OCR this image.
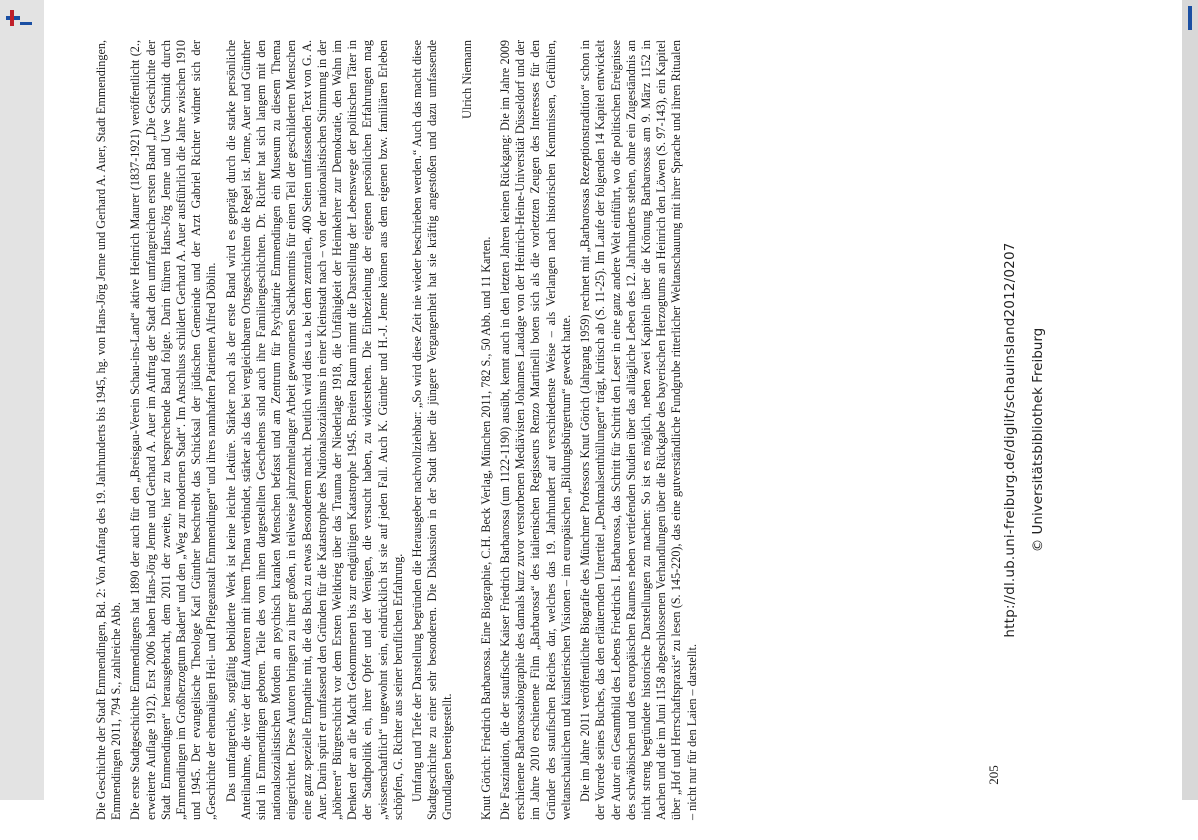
Die Geschichte der Stadt Emmendingen, Bd. 2: Von Anfang des 19. Jahrhunderts bis 1945, hg. von Hans-Jörg Jenne und Gerhard A. Auer, Stadt Emmendingen, Emmendingen 2011, 794 S., zahlreiche Abb. Die erste Stadtgeschichte Emmendingens hat 1890 der auch für den „Breisgau-Verein Schau-ins-Land“ aktive Heinrich Maurer (1837-1921) veröffentlicht (2., erweiterte Auflage 1912). Erst 2006 haben Hans-Jörg Jenne und Gerhard A. Auer im Auftrag der Stadt den umfangreichen ersten Band „Die Geschichte der Stadt Emmendingen“ herausgebracht, dem 2011 der zweite, hier zu besprechende Band folgte. Darin führen Hans-Jörg Jenne und Uwe Schmidt durch „Emmendingen im Großherzogtum Baden“ und den „Weg zur modernen Stadt“. Im Anschluss schildert Gerhard A. Auer ausführlich die Jahre zwischen 1910 und 1945. Der evangelische Theologe Karl Günther beschreibt das Schicksal der jüdischen Gemeinde und der Arzt Gabriel Richter widmet sich der „Geschichte der ehemaligen Heil- und Pflegeanstalt Emmendingen“ und ihres namhaften Patienten Alfred Döblin. Das umfangreiche, sorgfältig bebilderte Werk ist keine leichte Lektüre. Stärker noch als der erste Band wird es geprägt durch die starke persönliche Anteilnahme, die vier der fünf Autoren mit ihrem Thema verbindet, stärker als das bei vergleichbaren Ortsgeschichten die Regel ist. Jenne, Auer und Günther sind in Emmendingen geboren. Teile des von ihnen dargestellten Geschehens sind auch ihre Familiengeschichten. Dr. Richter hat sich langem mit den nationalsozialistischen Morden an psychisch kranken Menschen befasst und am Zentrum für Psychiatrie Emmendingen ein Museum zu diesem Thema eingerichtet. Diese Autoren bringen zu ihrer großen, in teilweise jahrzehntelanger Arbeit gewonnenen Sachkenntnis für einen Teil der geschilderten Menschen eine ganz spezielle Empathie mit, die das Buch zu etwas Besonderem macht. Deutlich wird dies u.a. bei dem zentralen, 400 Seiten umfassenden Text von G. A. Auer. Darin spürt er umfassend den Gründen für die Katastrophe des Nationalsozialismus in einer Kleinstadt nach – von der nationalistischen Stimmung in der „höheren“ Bürgerschicht vor dem Ersten Weltkrieg über das Trauma der Niederlage 1918, die Unfähigkeit der Heimkehrer zur Demokratie, den Wahn im Denken der an die Macht Gekommenen bis zur endgültigen Katastrophe 1945. Breiten Raum nimmt die Darstellung der Lebenswege der politischen Täter in der Stadtpolitik ein, ihrer Opfer und der Wenigen, die versucht haben, zu widerstehen. Die Einbeziehung der eigenen persönlichen Erfahrungen mag „wissenschaftlich“ ungewohnt sein, eindrücklich ist sie auf jeden Fall. Auch K. Günther und H.-J. Jenne können aus dem eigenen bzw. familiären Erleben schöpfen, G. Richter aus seiner beruflichen Erfahrung. Umfang und Tiefe der Darstellung begründen die Herausgeber nachvollziehbar: „So wird diese Zeit nie wieder beschrieben werden.“ Auch das macht diese Stadtgeschichte zu einer sehr besonderen. Die Diskussion in der Stadt über die jüngere Vergangenheit hat sie kräftig angestoßen und dazu umfassende Grundlagen bereitgestellt.

Ulrich Niemann

Knut Görich: Friedrich Barbarossa. Eine Biographie, C.H. Beck Verlag, München 2011, 782 S., 50 Abb. und 11 Karten. Die Faszination, die der staufische Kaiser Friedrich Barbarossa (um 1122-1190) ausübt, kennt auch in den letzten Jahren keinen Rückgang: Die im Jahre 2009 erschienene Barbarossabiographie des damals kurz zuvor verstorbenen Mediävisten Johannes Laudage von der Heinrich-Heine-Universität Düsseldorf und der im Jahre 2010 erschienene Film „Barbarossa“ des italienischen Regisseurs Renzo Martinelli boten sich als die vorletzten Zeugen des Interesses für den Gründer des staufischen Reiches dar, welches das 19. Jahrhundert auf verschiedenste Weise – als Verlangen nach historischen Kenntnissen, Gefühlen, weltanschaulichen und künstlerischen Visionen – im europäischen „Bildungsbürgertum“ geweckt hatte. Die im Jahre 2011 veröffentlichte Biografie des Münchner Professors Knut Görich (Jahrgang 1959) rechnet mit „Barbarossas Rezeptionstradition“ schon in der Vorrede seines Buches, das den erläuternden Untertitel „Denkmalsenthüllungen“ trägt, kritisch ab (S. 11-25). Im Laufe der folgenden 14 Kapitel entwickelt der Autor ein Gesamtbild des Lebens Friedrichs I. Barbarossa, das Schritt für Schritt den Leser in eine ganz andere Welt einführt, wo die politischen Ereignisse des schwäbischen und des europäischen Raumes neben vertiefenden Studien über das alltägliche Leben des 12. Jahrhunderts stehen, ohne ein Zugeständnis an nicht streng begründete historische Darstellungen zu machen: So ist es möglich, neben zwei Kapiteln über die Krönung Barbarossas am 9. März 1152 in Aachen und die im Juni 1158 abgeschlossenen Verhandlungen über die Rückgabe des bayerischen Herzogtums an Heinrich den Löwen (S. 97-143), ein Kapitel über „Hof und Herrschaftspraxis“ zu lesen (S. 145-220), das eine gutverständliche Fundgrube ritterlicher Weltanschauung mit ihrer Sprache und ihren Ritualen – nicht nur für den Laien – darstellt.	205
http://dl.ub.uni-freiburg.de/diglit/schauinsland2012/0207 © Universitätsbibliothek Freiburg
